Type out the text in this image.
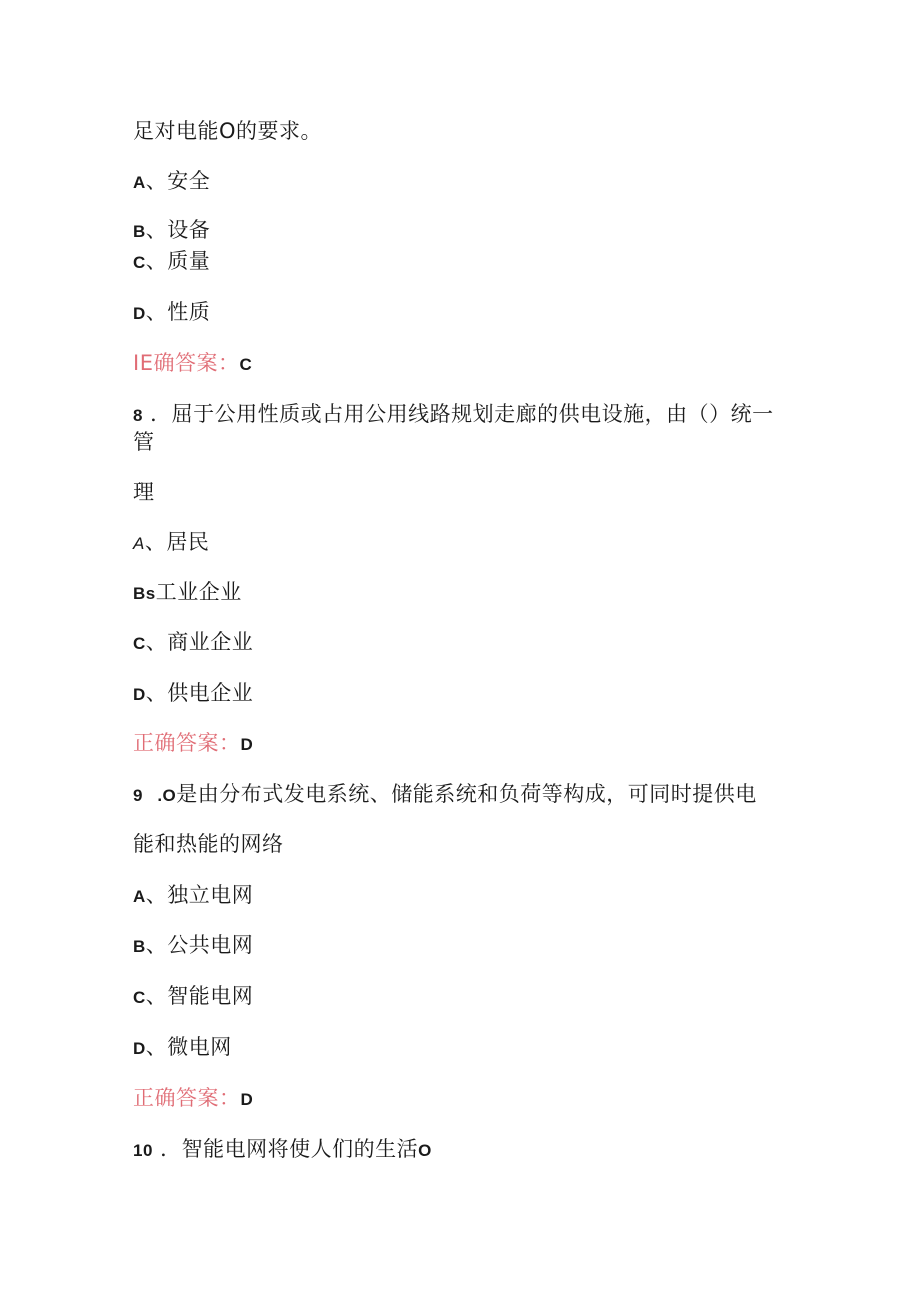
足对电能O的要求。
A、安全
B、设备
C、质量
D、性质
IE确答案：C
8 ．屈于公用性质或占用公用线路规划走廊的供电设施，由（）统一
管
理
A、居民
Bs工业企业
C、商业企业
D、供电企业
正确答案：D
9 .O是由分布式发电系统、储能系统和负荷等构成，可同时提供电
能和热能的网络
A、独立电网
B、公共电网
C、智能电网
D、微电网
正确答案：D
10 ．智能电网将使人们的生活O
